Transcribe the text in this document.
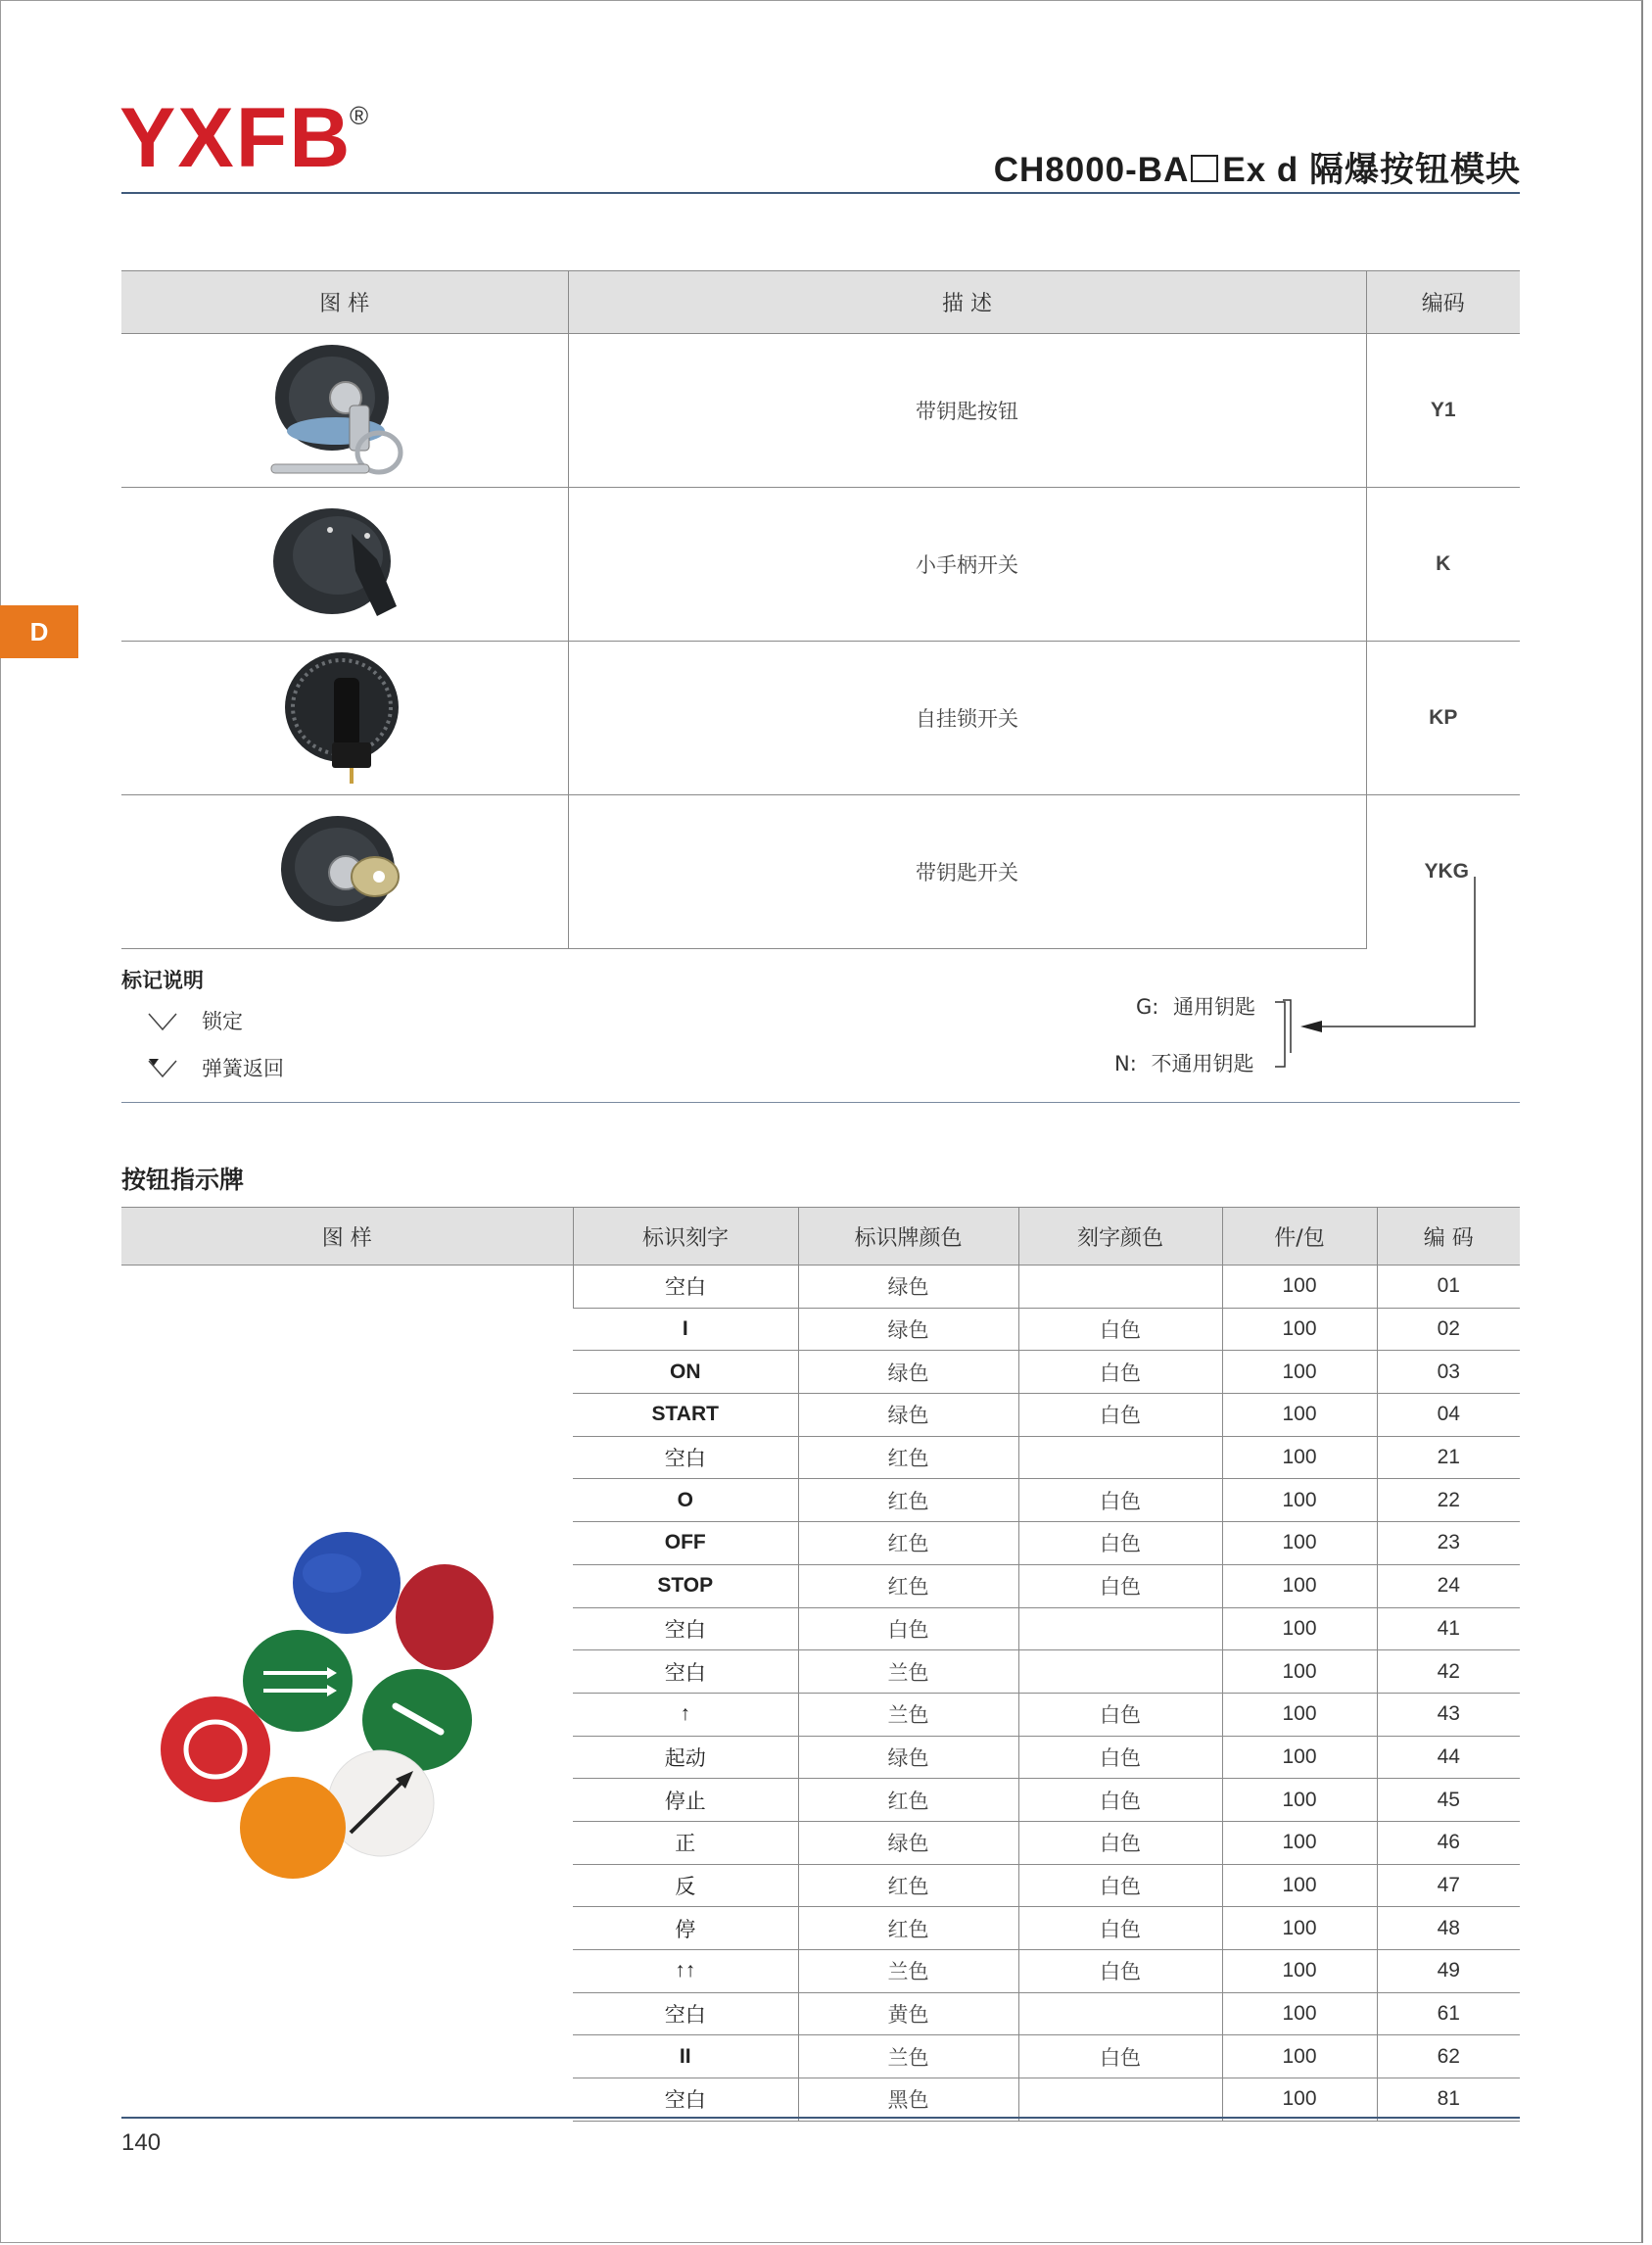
YXFB
®
CH8000-BA Ex d 隔爆按钮模块
D
图 样	描 述	编码

	带钥匙按钮	Y1

	小手柄开关	K

	自挂锁开关	KP

	带钥匙开关	YKG
标记说明
锁定
弹簧返回
G: 通用钥匙
N: 不通用钥匙
按钮指示牌
图 样	标识刻字	标识牌颜色	刻字颜色	件/包	编 码
	空白	绿色		100	01
	I	绿色	白色	100	02
	ON	绿色	白色	100	03
	START	绿色	白色	100	04
	空白	红色		100	21
	O	红色	白色	100	22
	OFF	红色	白色	100	23
	STOP	红色	白色	100	24
	空白	白色		100	41
	空白	兰色		100	42
	↑	兰色	白色	100	43
	起动	绿色	白色	100	44
	停止	红色	白色	100	45
	正	绿色	白色	100	46
	反	红色	白色	100	47
	停	红色	白色	100	48
	↑↑	兰色	白色	100	49
	空白	黄色		100	61
	II	兰色	白色	100	62
	空白	黑色		100	81
140
